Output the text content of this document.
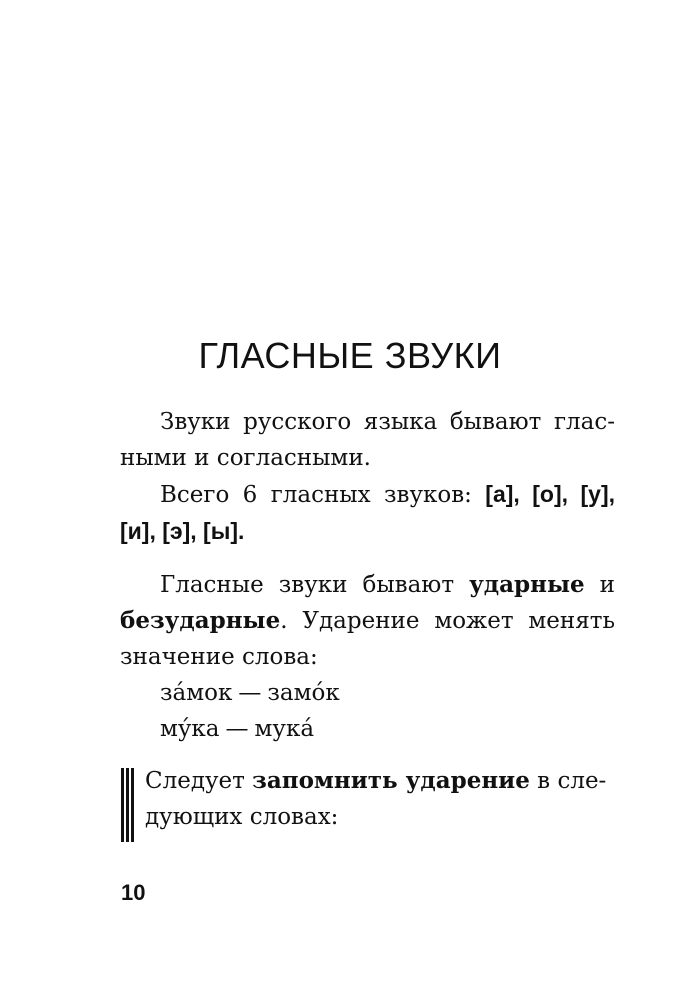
ГЛАСНЫЕ ЗВУКИ
Звуки русского языка бывают глас-
ными и согласными.
Всего 6 гласных звуков: [а], [о], [у],
[и], [э], [ы].
Гласные звуки бывают ударные и
безударные. Ударение может менять
значение слова:
за́мок — замо́к
му́ка — мука́
Следует запомнить ударение в сле-
дующих словах:
10
